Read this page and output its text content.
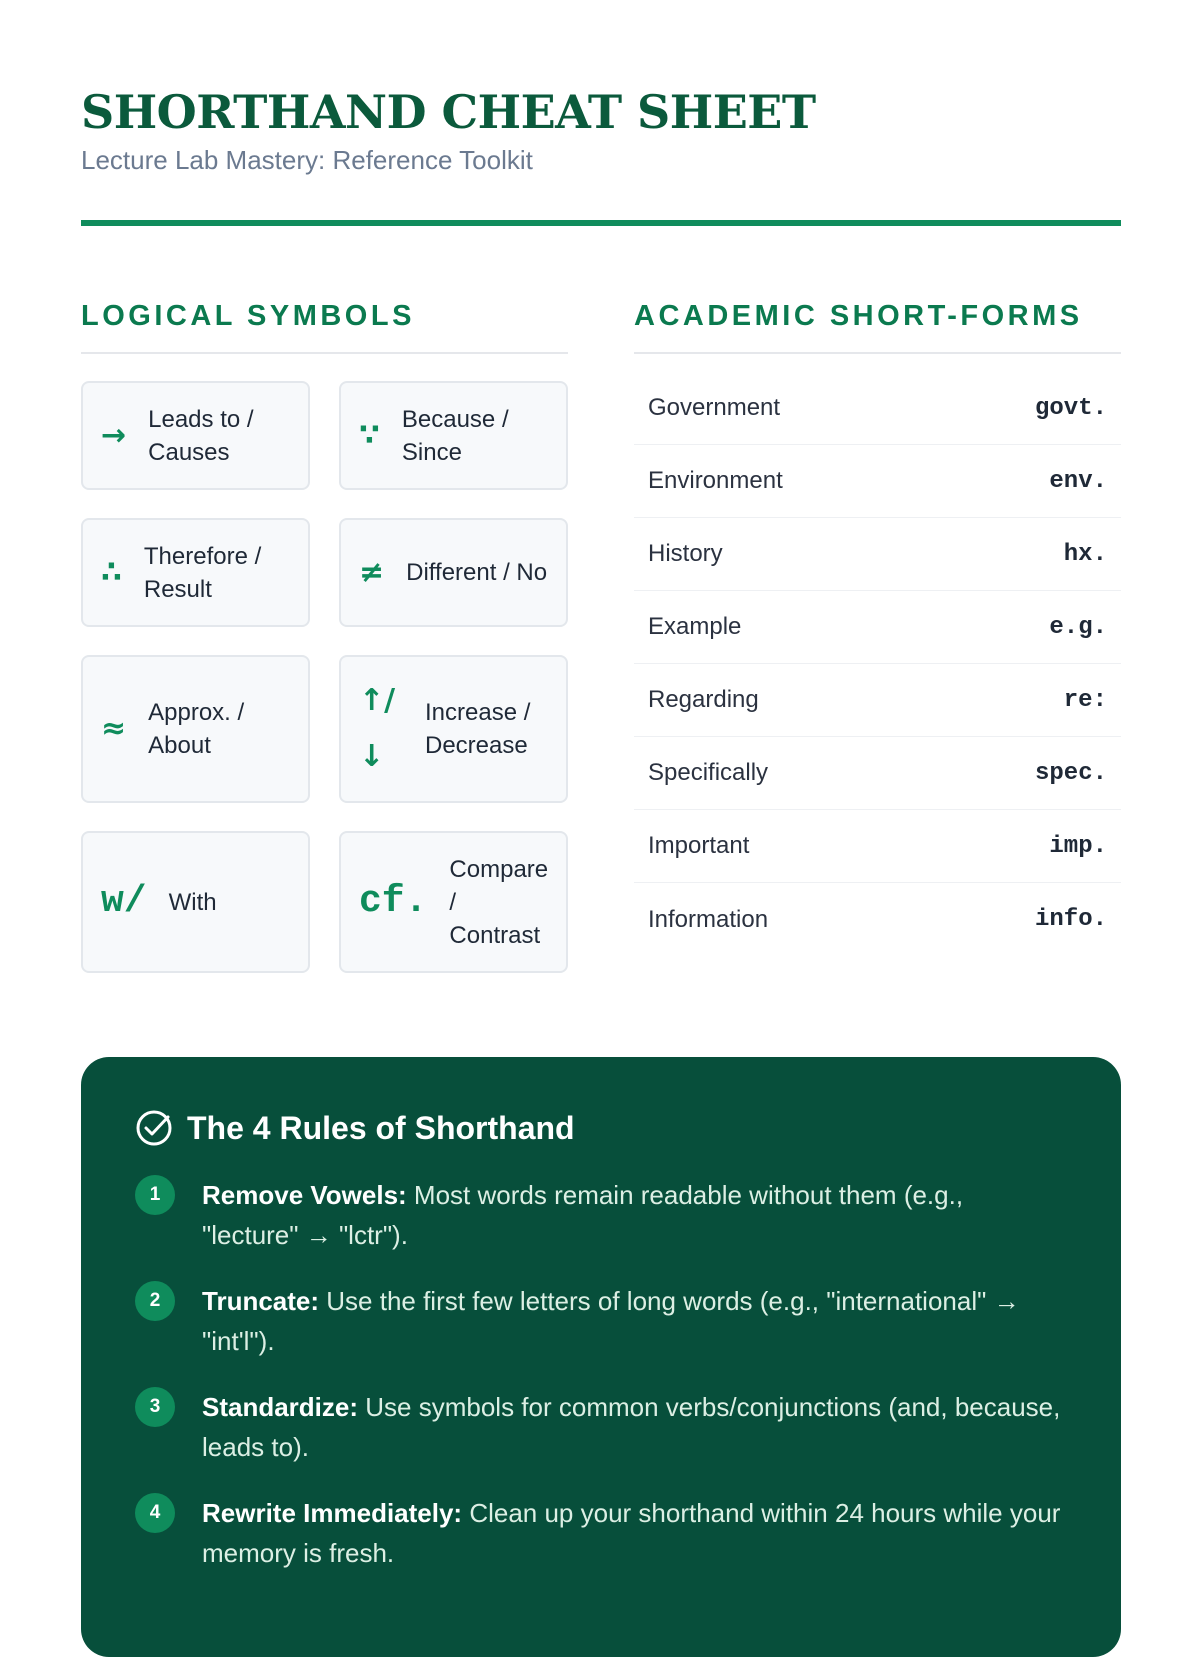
SHORTHAND CHEAT SHEET
Lecture Lab Mastery: Reference Toolkit
LOGICAL SYMBOLS
→ Leads to / Causes	∵ Because / Since
∴ Therefore / Result	≠ Different / No
≈ Approx. / About
↑/↓
Increase / Decrease
w/ With	cf.
Compare / Contrast
ACADEMIC SHORT-FORMS
Government	govt.
Environment	env.
History	hx.
Example	e.g.
Regarding	re:
Specifically	spec.
Important	imp.
Information	info.
The 4 Rules of Shorthand
1	Remove Vowels: Most words remain readable without them (e.g., "lecture" → "lctr").
2	Truncate: Use the first few letters of long words (e.g., "international" → "int'l").
3	Standardize: Use symbols for common verbs/conjunctions (and, because, leads to).
4	Rewrite Immediately: Clean up your shorthand within 24 hours while your memory is fresh.
